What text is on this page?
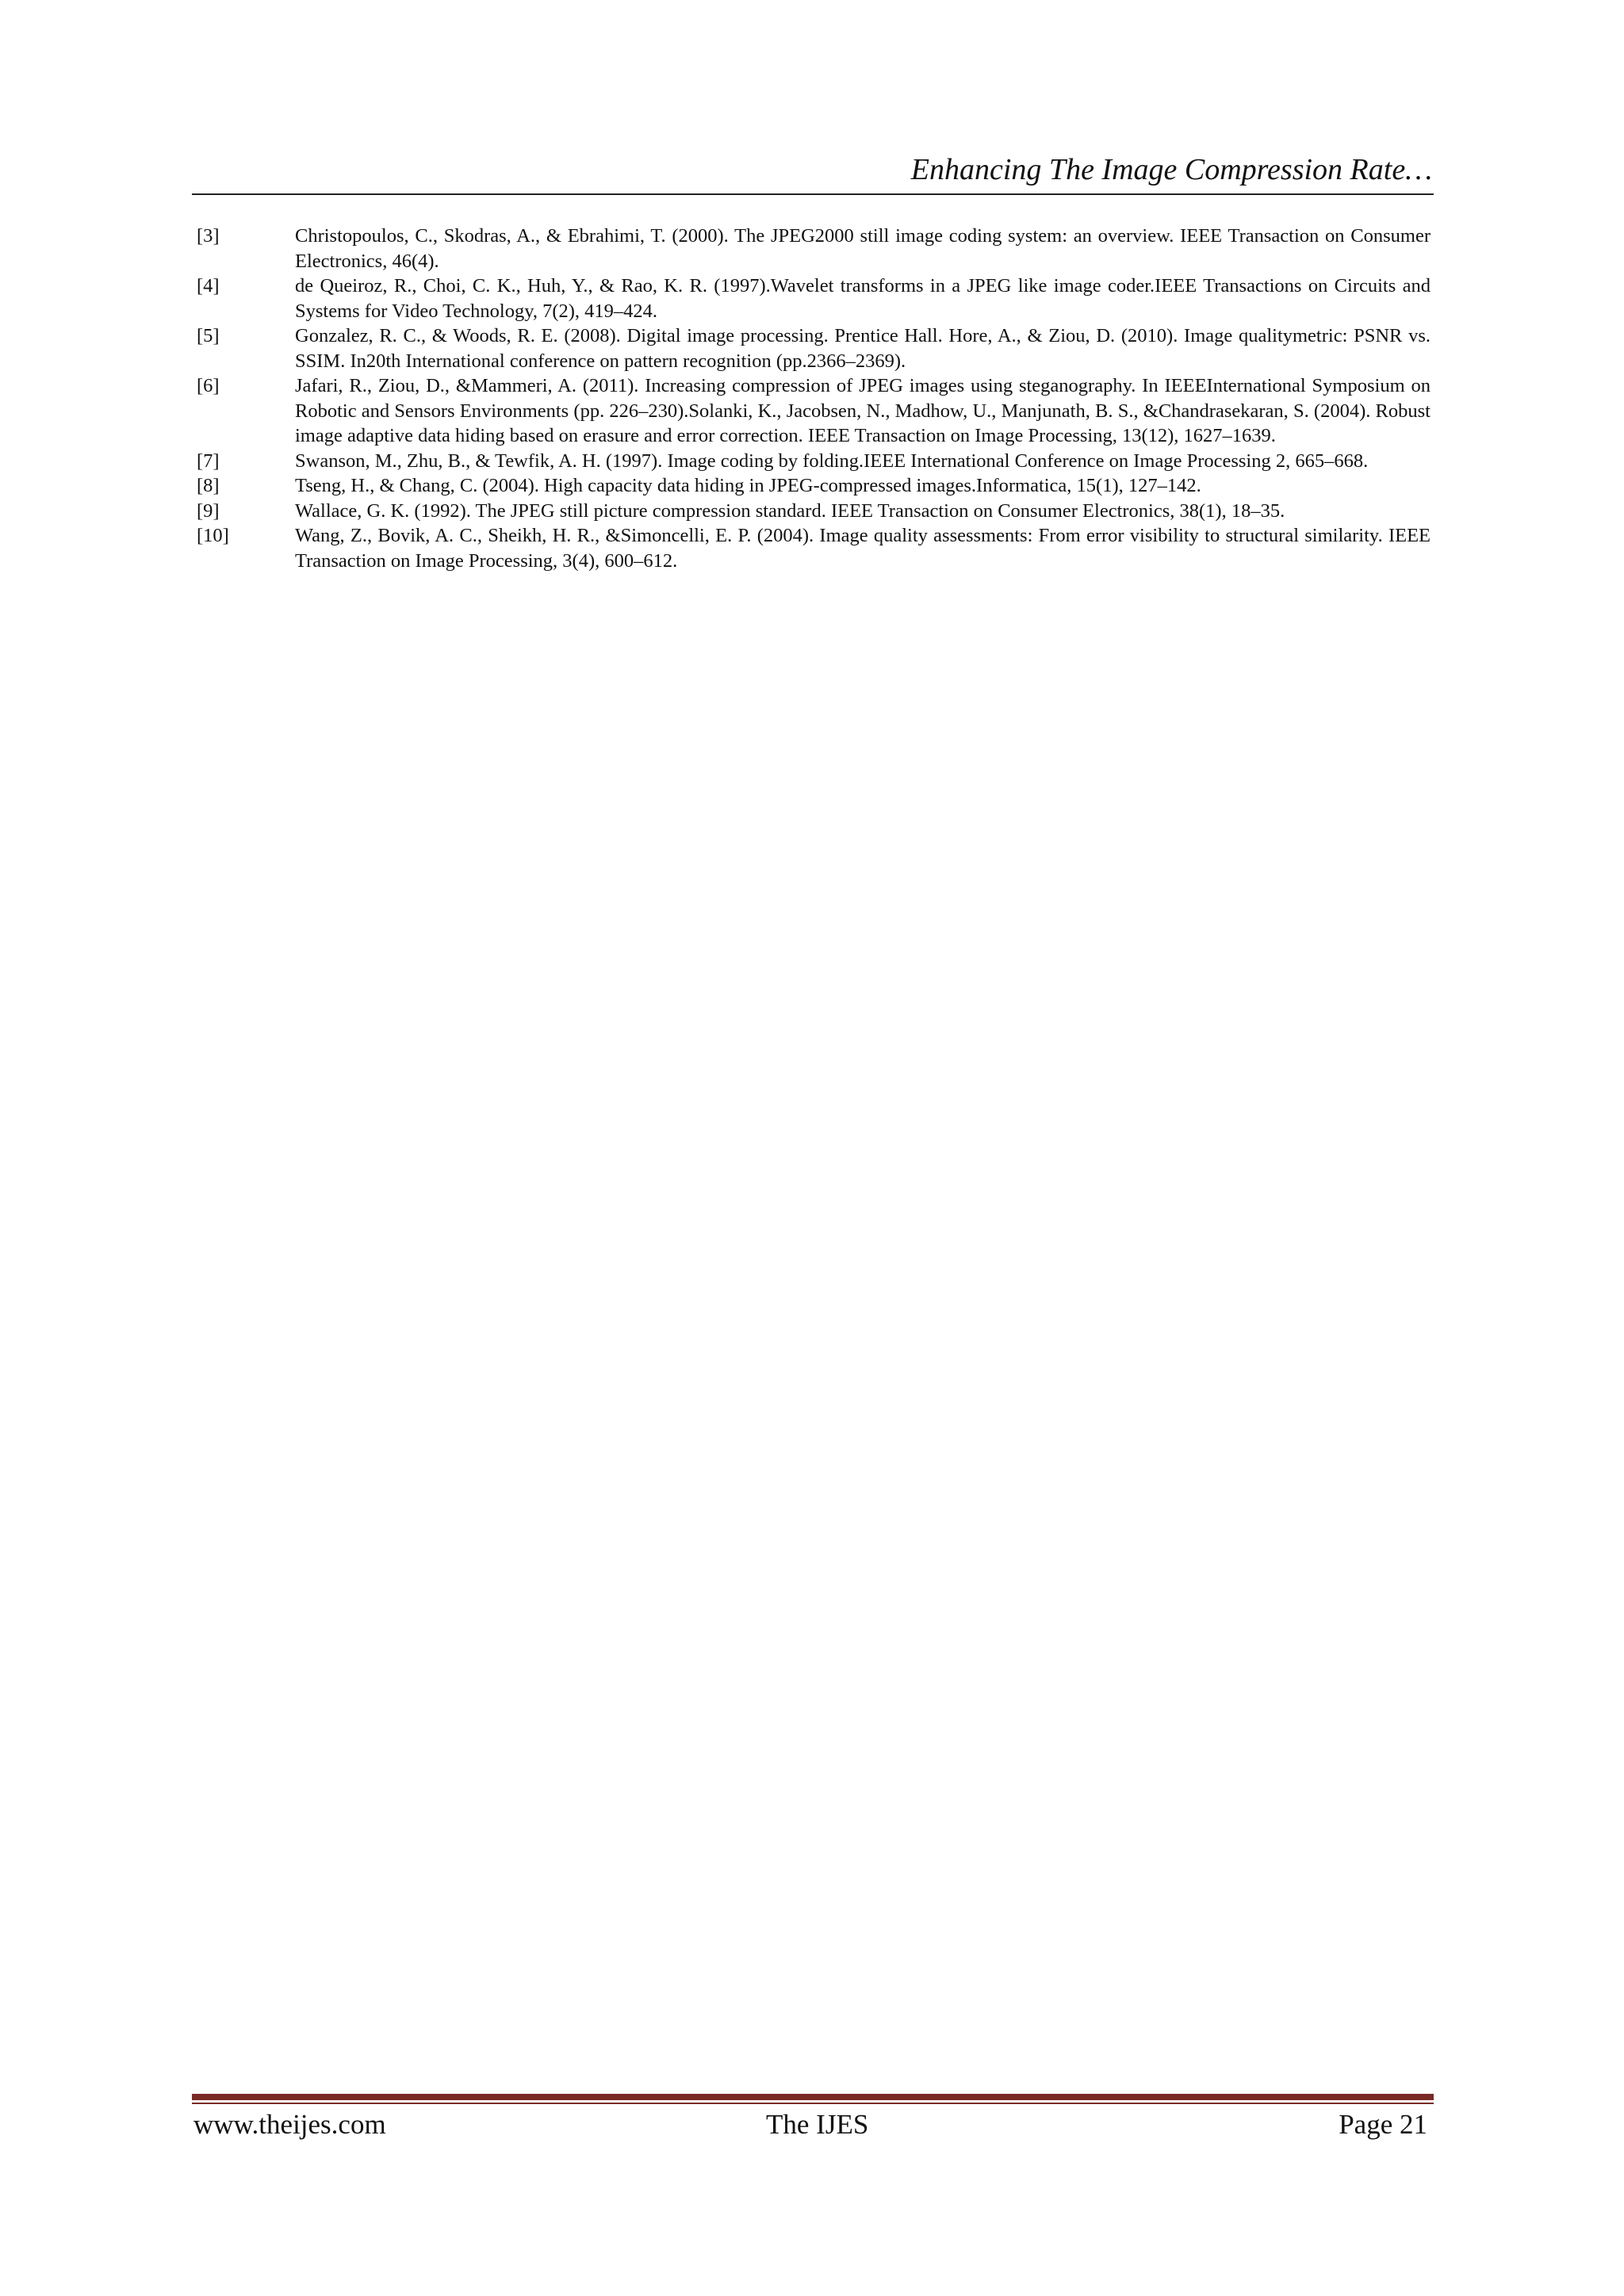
Enhancing The Image Compression Rate…
[3]	Christopoulos, C., Skodras, A., & Ebrahimi, T. (2000). The JPEG2000 still image coding system: an overview. IEEE Transaction on Consumer Electronics, 46(4).
[4]	de Queiroz, R., Choi, C. K., Huh, Y., & Rao, K. R. (1997).Wavelet transforms in a JPEG like image coder.IEEE Transactions on Circuits and Systems for Video Technology, 7(2), 419–424.
[5]	Gonzalez, R. C., & Woods, R. E. (2008). Digital image processing. Prentice Hall. Hore, A., & Ziou, D. (2010). Image qualitymetric: PSNR vs. SSIM. In20th International conference on pattern recognition (pp.2366–2369).
[6]	Jafari, R., Ziou, D., &Mammeri, A. (2011). Increasing compression of JPEG images using steganography. In IEEEInternational Symposium on Robotic and Sensors Environments (pp. 226–230).Solanki, K., Jacobsen, N., Madhow, U., Manjunath, B. S., &Chandrasekaran, S. (2004). Robust image adaptive data hiding based on erasure and error correction. IEEE Transaction on Image Processing, 13(12), 1627–1639.
[7]	Swanson, M., Zhu, B., & Tewfik, A. H. (1997). Image coding by folding.IEEE International Conference on Image Processing 2, 665–668.
[8]	Tseng, H., & Chang, C. (2004). High capacity data hiding in JPEG-compressed images.Informatica, 15(1), 127–142.
[9]	Wallace, G. K. (1992). The JPEG still picture compression standard. IEEE Transaction on Consumer Electronics, 38(1), 18–35.
[10]	Wang, Z., Bovik, A. C., Sheikh, H. R., &Simoncelli, E. P. (2004). Image quality assessments: From error visibility to structural similarity. IEEE Transaction on Image Processing, 3(4), 600–612.
www.theijes.com	The IJES	Page 21
